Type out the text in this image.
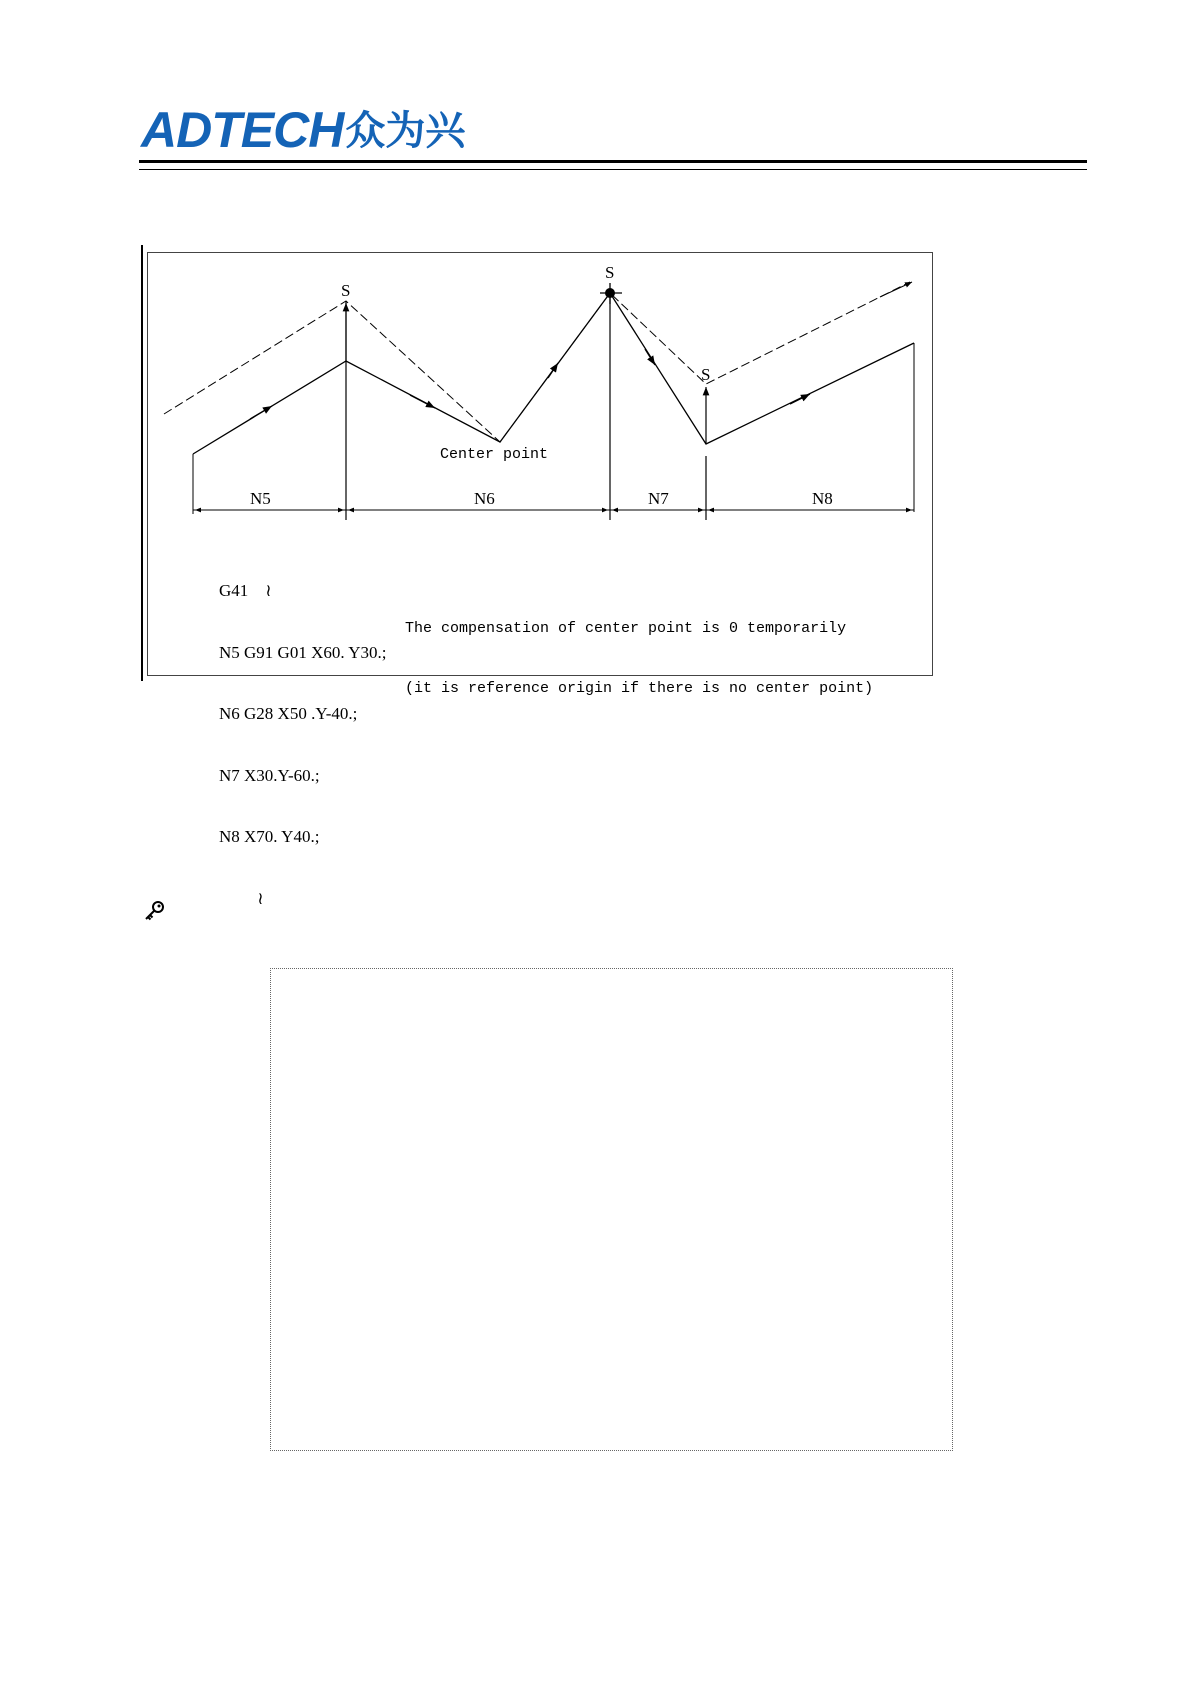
ADTECH众为兴
S
S
S
N5	N6	N7	N8
Center point

G41    ≀

N5 G91 G01 X60. Y30.;

N6 G28 X50 .Y-40.;

N7 X30.Y-60.;

N8 X70. Y40.;

≀

The compensation of center point is 0 temporarily

(it is reference origin if there is no center point)
